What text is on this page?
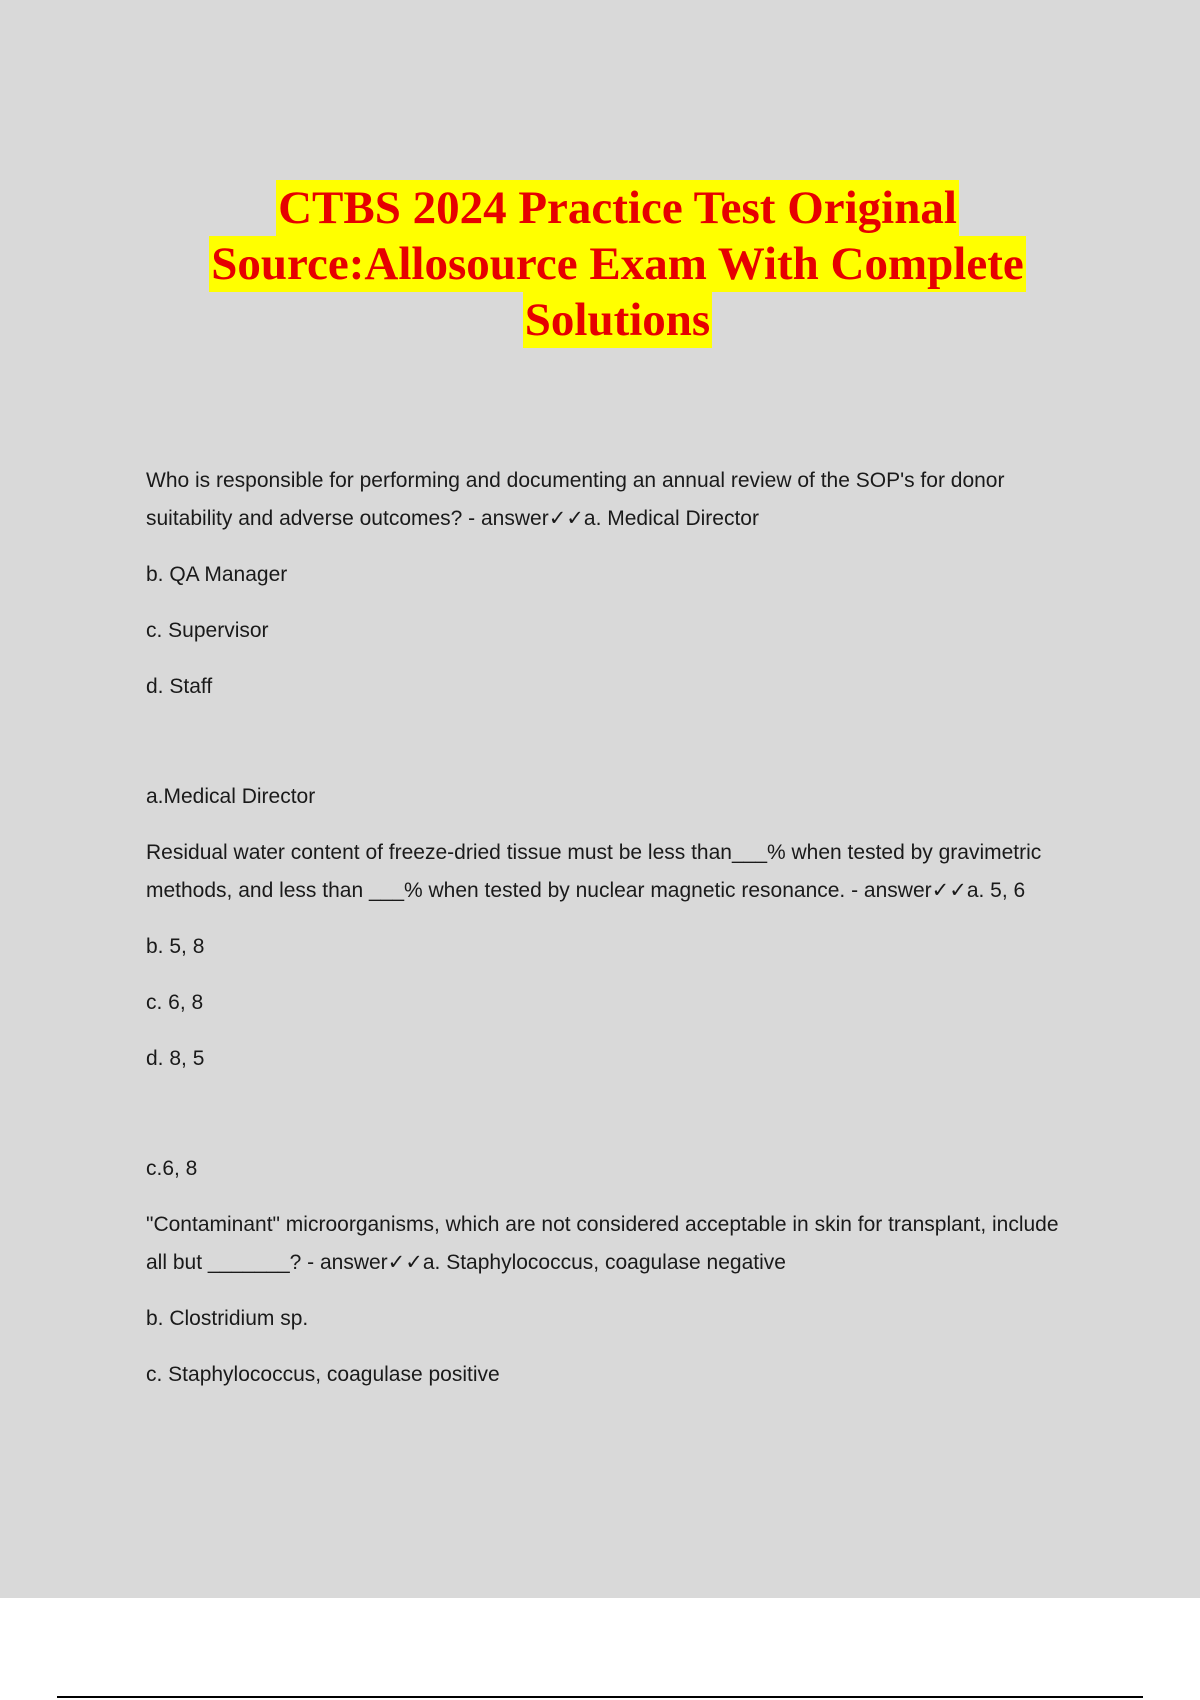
CTBS 2024 Practice Test Original
Source:Allosource Exam With Complete
Solutions

Who is responsible for performing and documenting an annual review of the SOP's for donor suitability and adverse outcomes? - answer✓✓a. Medical Director

b. QA Manager

c. Supervisor

d. Staff

a.Medical Director

Residual water content of freeze-dried tissue must be less than___% when tested by gravimetric methods, and less than ___% when tested by nuclear magnetic resonance. - answer✓✓a. 5, 6

b. 5, 8

c. 6, 8

d. 8, 5

c.6, 8

"Contaminant" microorganisms, which are not considered acceptable in skin for transplant, include all but _______? - answer✓✓a. Staphylococcus, coagulase negative

b. Clostridium sp.

c. Staphylococcus, coagulase positive
